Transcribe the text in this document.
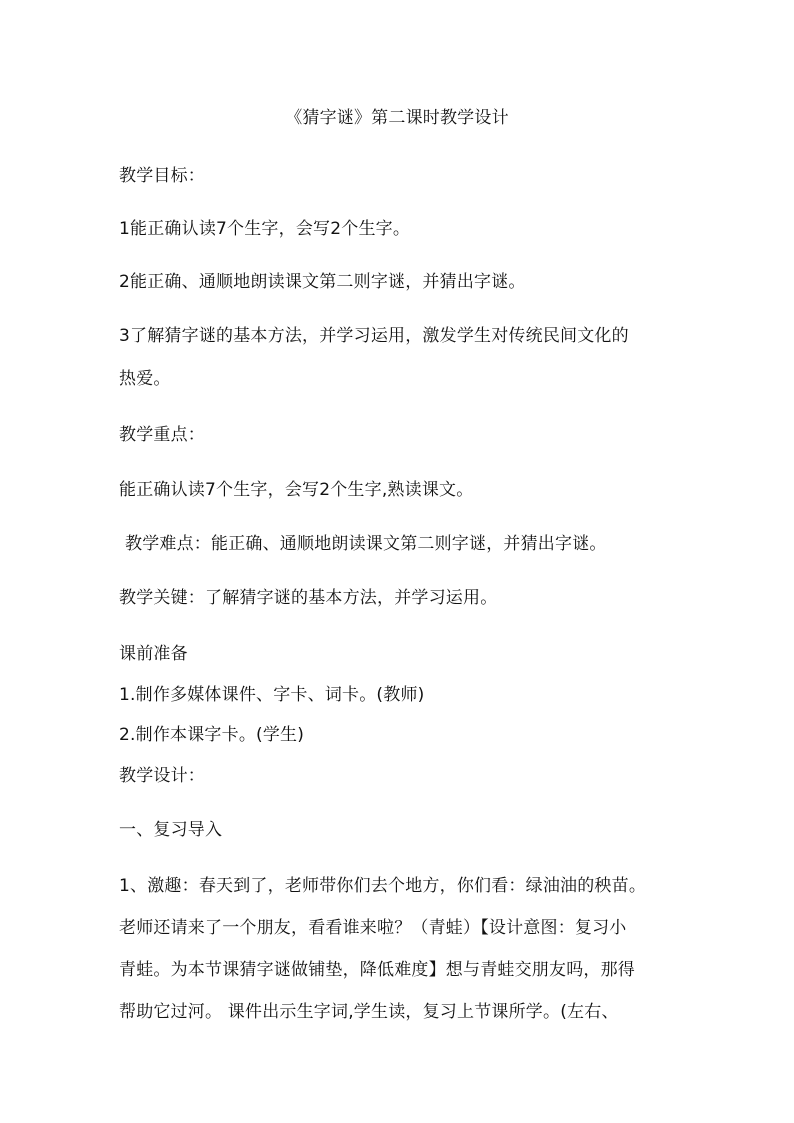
《猜字谜》第二课时教学设计
教学目标：
1能正确认读7个生字，会写2个生字。
2能正确、通顺地朗读课文第二则字谜，并猜出字谜。
3了解猜字谜的基本方法，并学习运用，激发学生对传统民间文化的
热爱。
教学重点：
能正确认读7个生字，会写2个生字,熟读课文。
教学难点：能正确、通顺地朗读课文第二则字谜，并猜出字谜。
教学关键：了解猜字谜的基本方法，并学习运用。
课前准备
1.制作多媒体课件、字卡、词卡。(教师)
2.制作本课字卡。(学生)
教学设计：
一、复习导入
1、激趣：春天到了，老师带你们去个地方，你们看：绿油油的秧苗。
老师还请来了一个朋友，看看谁来啦？（青蛙）【设计意图：复习小
青蛙。为本节课猜字谜做铺垫，降低难度】想与青蛙交朋友吗，那得
帮助它过河。 课件出示生字词,学生读，复习上节课所学。(左右、
